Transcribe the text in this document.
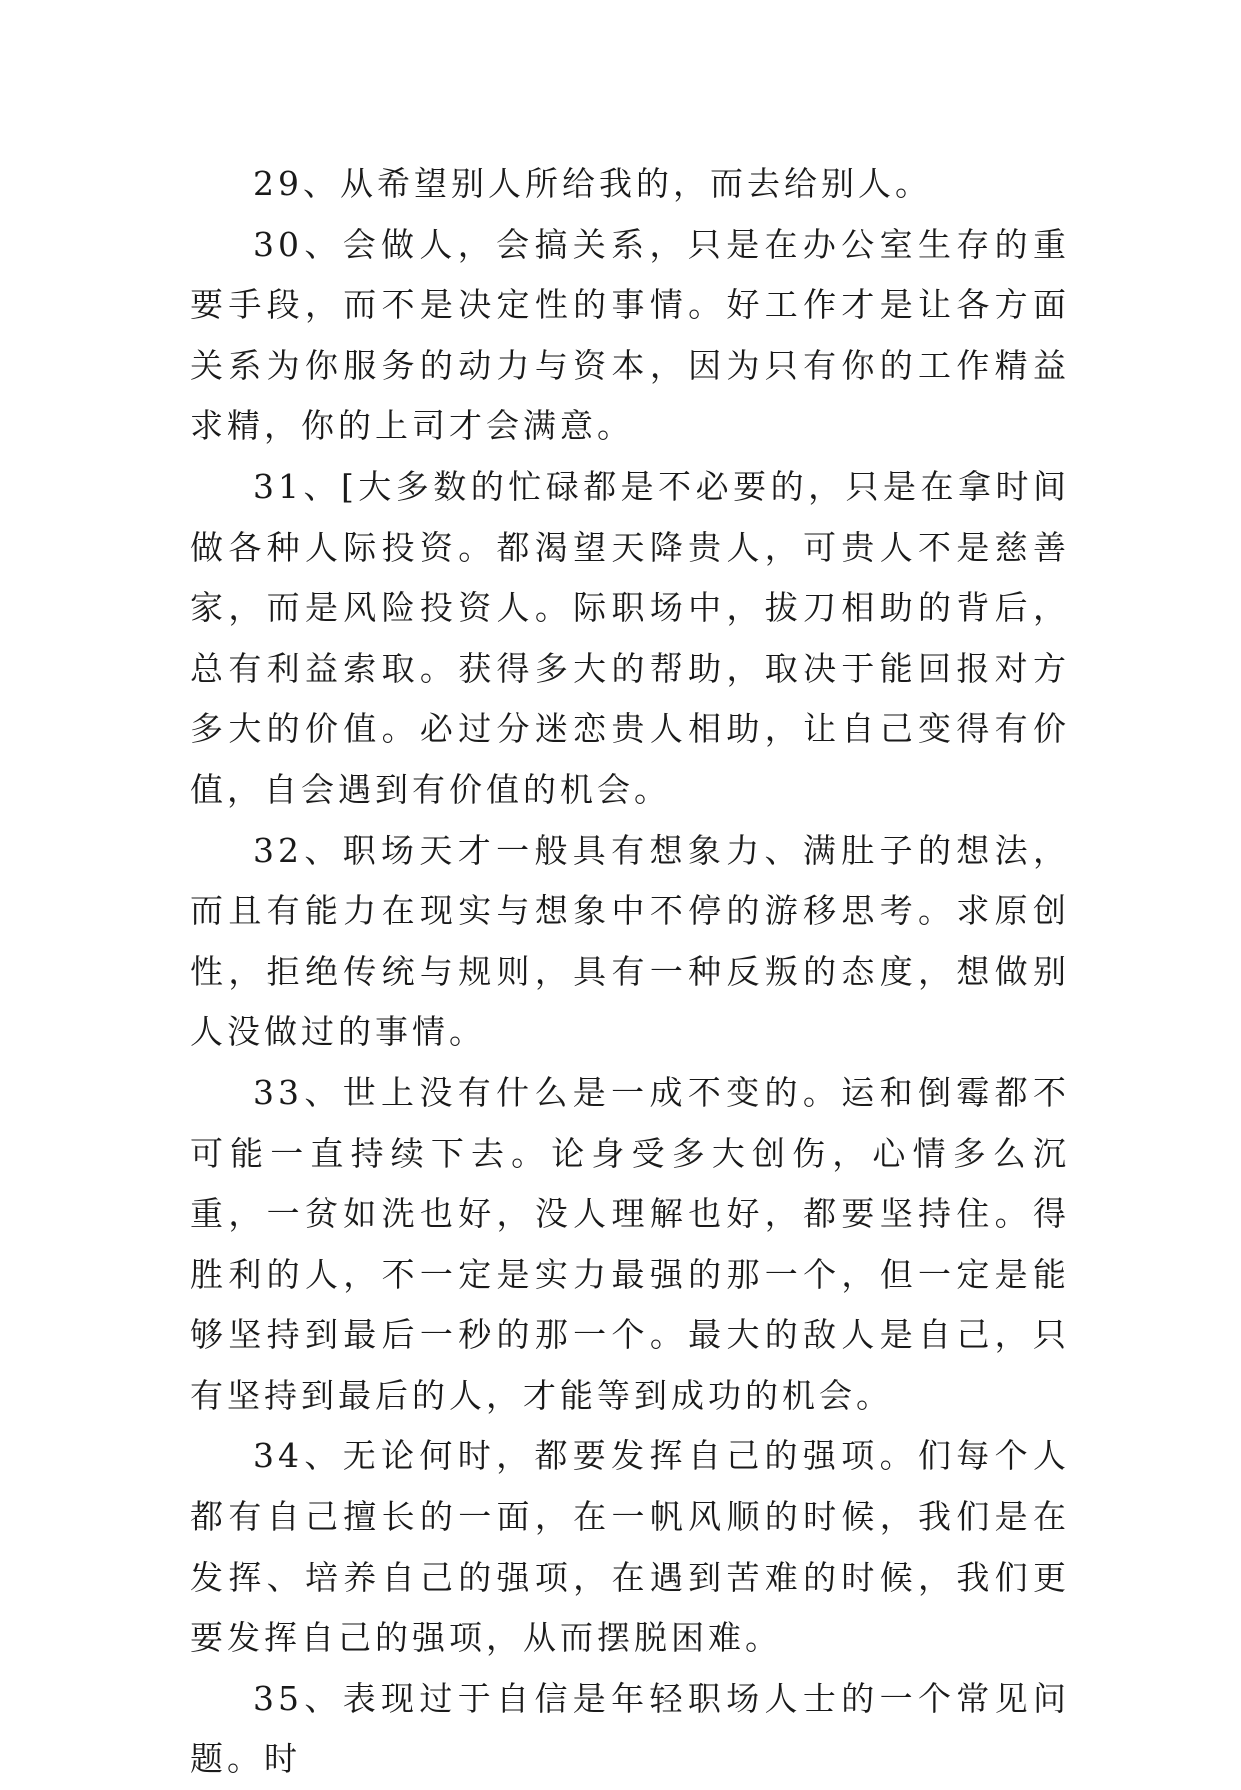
29、从希望别人所给我的，而去给别人。

30、会做人，会搞关系，只是在办公室生存的重要手段，而不是决定性的事情。好工作才是让各方面关系为你服务的动力与资本，因为只有你的工作精益求精，你的上司才会满意。

31、[大多数的忙碌都是不必要的，只是在拿时间做各种人际投资。都渴望天降贵人，可贵人不是慈善家，而是风险投资人。际职场中，拔刀相助的背后，总有利益索取。获得多大的帮助，取决于能回报对方多大的价值。必过分迷恋贵人相助，让自己变得有价值，自会遇到有价值的机会。

32、职场天才一般具有想象力、满肚子的想法，而且有能力在现实与想象中不停的游移思考。求原创性，拒绝传统与规则，具有一种反叛的态度，想做别人没做过的事情。

33、世上没有什么是一成不变的。运和倒霉都不可能一直持续下去。论身受多大创伤，心情多么沉重，一贫如洗也好，没人理解也好，都要坚持住。得胜利的人，不一定是实力最强的那一个，但一定是能够坚持到最后一秒的那一个。最大的敌人是自己，只有坚持到最后的人，才能等到成功的机会。

34、无论何时，都要发挥自己的强项。们每个人都有自己擅长的一面，在一帆风顺的时候，我们是在发挥、培养自己的强项，在遇到苦难的时候，我们更要发挥自己的强项，从而摆脱困难。

35、表现过于自信是年轻职场人士的一个常见问题。时
